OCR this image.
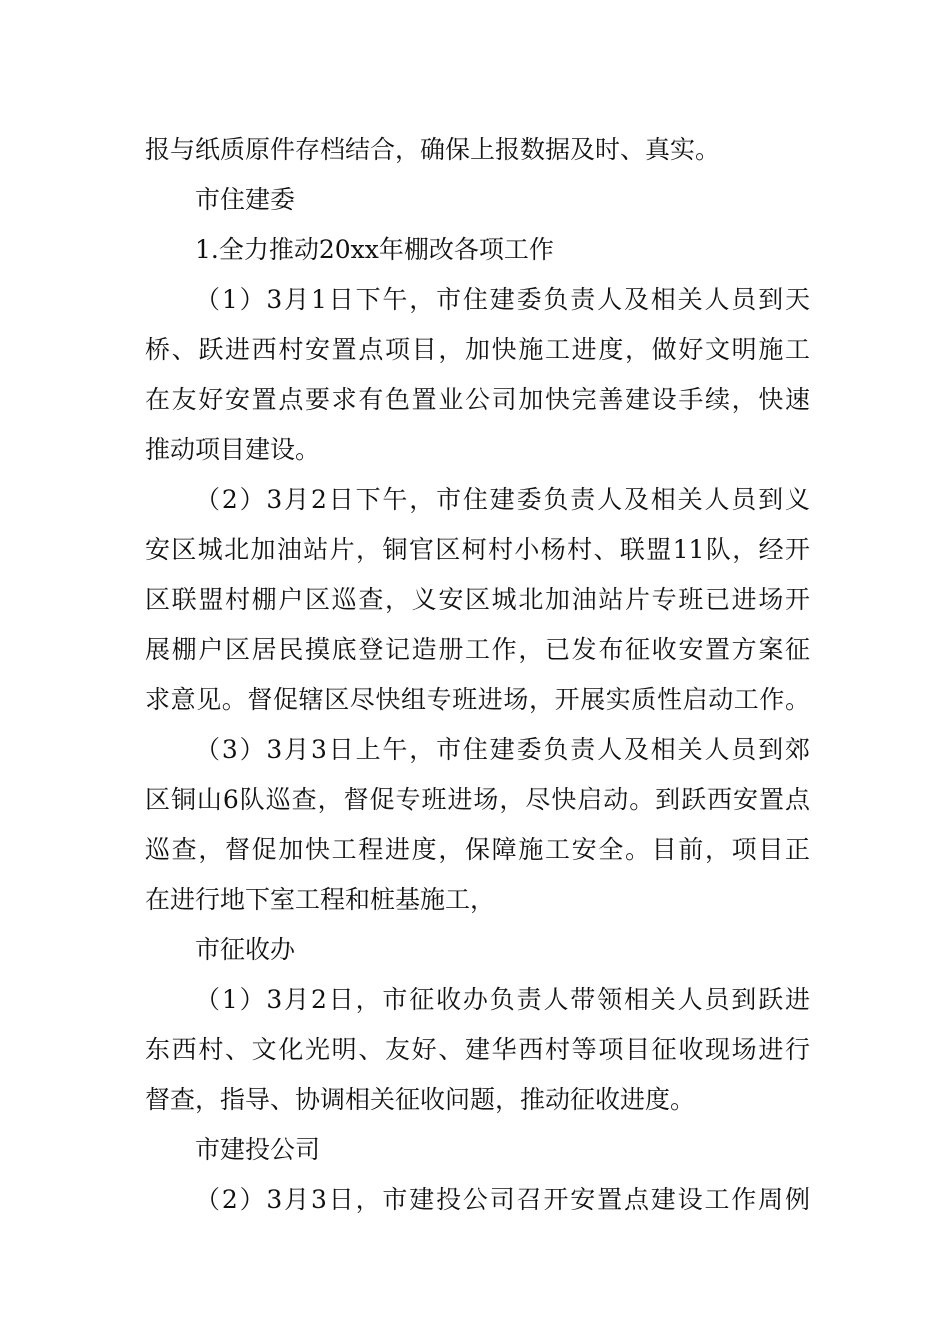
报与纸质原件存档结合，确保上报数据及时、真实。
市住建委
1.全力推动20xx年棚改各项工作
（1）3月1日下午，市住建委负责人及相关人员到天
桥、跃进西村安置点项目，加快施工进度，做好文明施工
在友好安置点要求有色置业公司加快完善建设手续，快速
推动项目建设。
（2）3月2日下午，市住建委负责人及相关人员到义
安区城北加油站片，铜官区柯村小杨村、联盟11队，经开
区联盟村棚户区巡查，义安区城北加油站片专班已进场开
展棚户区居民摸底登记造册工作，已发布征收安置方案征
求意见。督促辖区尽快组专班进场，开展实质性启动工作。
（3）3月3日上午，市住建委负责人及相关人员到郊
区铜山6队巡查，督促专班进场，尽快启动。到跃西安置点
巡查，督促加快工程进度，保障施工安全。目前，项目正
在进行地下室工程和桩基施工，
市征收办
（1）3月2日，市征收办负责人带领相关人员到跃进
东西村、文化光明、友好、建华西村等项目征收现场进行
督查，指导、协调相关征收问题，推动征收进度。
市建投公司
（2）3月3日，市建投公司召开安置点建设工作周例
